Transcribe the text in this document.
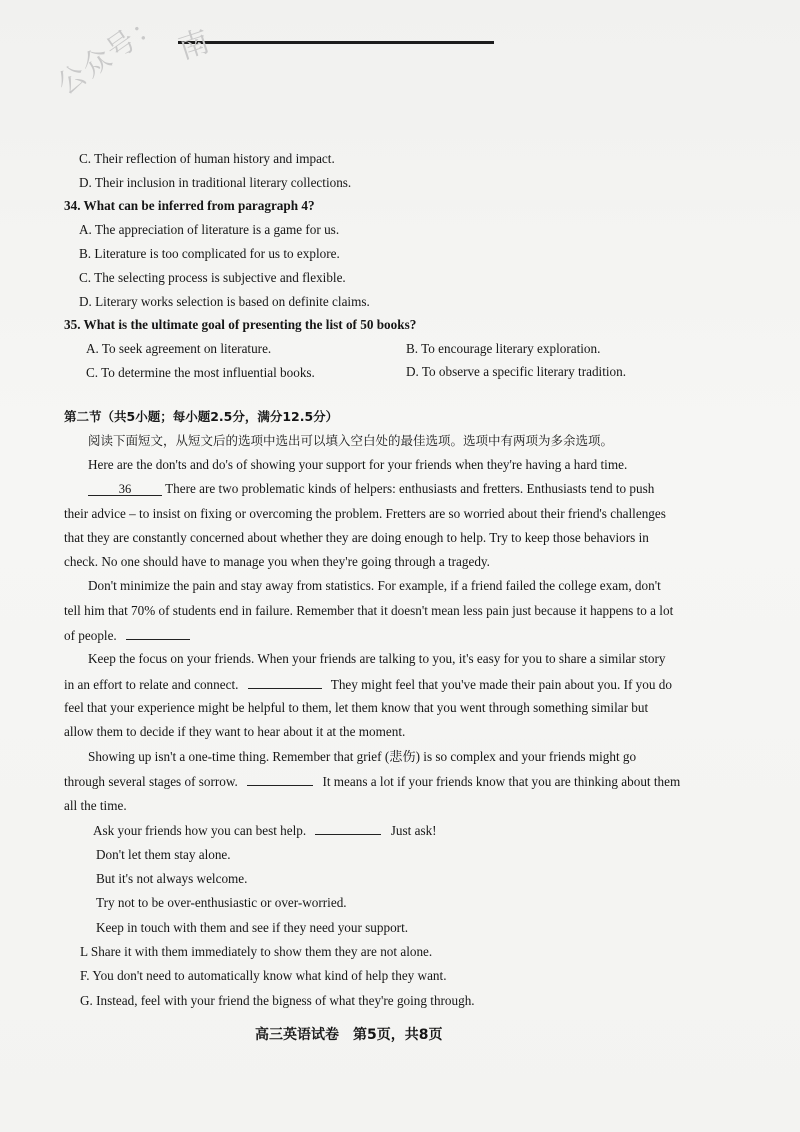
南
公众号：
C. Their reflection of human history and impact.
D. Their inclusion in traditional literary collections.
34. What can be inferred from paragraph 4?
A. The appreciation of literature is a game for us.
B. Literature is too complicated for us to explore.
C. The selecting process is subjective and flexible.
D. Literary works selection is based on definite claims.
35. What is the ultimate goal of presenting the list of 50 books?
A. To seek agreement on literature.	B. To encourage literary exploration.
C. To determine the most influential books.	D. To observe a specific literary tradition.
第二节（共5小题；每小题2.5分，满分12.5分）
阅读下面短文，从短文后的选项中选出可以填入空白处的最佳选项。选项中有两项为多余选项。
Here are the don'ts and do's of showing your support for your friends when they're having a hard time.
36	There are two problematic kinds of helpers: enthusiasts and fretters. Enthusiasts tend to push
their advice – to insist on fixing or overcoming the problem. Fretters are so worried about their friend's challenges
that they are constantly concerned about whether they are doing enough to help. Try to keep those behaviors in
check. No one should have to manage you when they're going through a tragedy.
Don't minimize the pain and stay away from statistics. For example, if a friend failed the college exam, don't
tell him that 70% of students end in failure. Remember that it doesn't mean less pain just because it happens to a lot
of people.
Keep the focus on your friends. When your friends are talking to you, it's easy for you to share a similar story
in an effort to relate and connect.	They might feel that you've made their pain about you. If you do
feel that your experience might be helpful to them, let them know that you went through something similar but
allow them to decide if they want to hear about it at the moment.
Showing up isn't a one-time thing. Remember that grief (悲伤) is so complex and your friends might go
through several stages of sorrow.	It means a lot if your friends know that you are thinking about them
all the time.
Ask your friends how you can best help.	Just ask!
Don't let them stay alone.
But it's not always welcome.
Try not to be over-enthusiastic or over-worried.
Keep in touch with them and see if they need your support.
L Share it with them immediately to show them they are not alone.
F. You don't need to automatically know what kind of help they want.
G. Instead, feel with your friend the bigness of what they're going through.
高三英语试卷　第5页，共8页
